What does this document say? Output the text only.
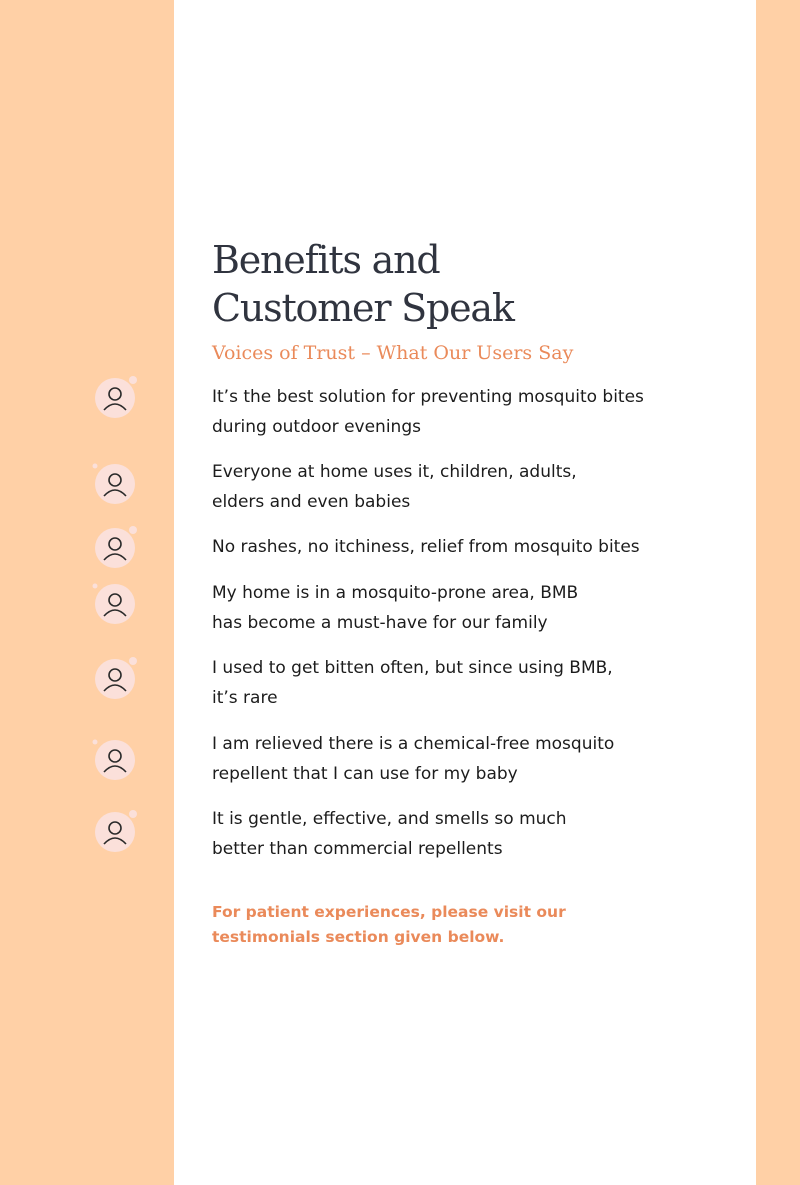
Benefits and
Customer Speak
Voices of Trust – What Our Users Say
It’s the best solution for preventing mosquito bites
during outdoor evenings
Everyone at home uses it, children, adults,
elders and even babies
No rashes, no itchiness, relief from mosquito bites
My home is in a mosquito-prone area, BMB
has become a must-have for our family
I used to get bitten often, but since using BMB,
it’s rare
I am relieved there is a chemical-free mosquito
repellent that I can use for my baby
It is gentle, effective, and smells so much
better than commercial repellents
For patient experiences, please visit our
testimonials section given below.
